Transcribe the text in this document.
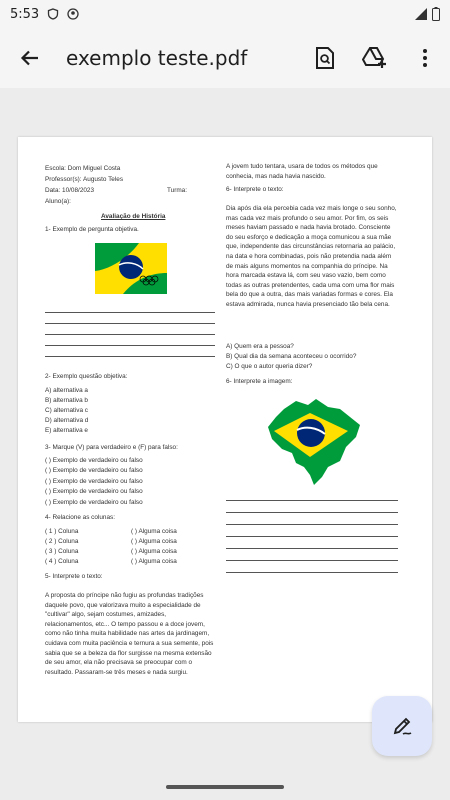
5:53
exemplo teste.pdf
Escola: Dom Miguel Costa
Professor(s): Augusto Teles
Data: 10/08/2023	Turma:
Aluno(a):
Avaliação de História
1- Exemplo de pergunta objetiva.
2- Exemplo questão objetiva:
A) alternativa a
B) alternativa b
C) alternativa c
D) alternativa d
E) alternativa e
3- Marque (V) para verdadeiro e (F) para falso:
( ) Exemplo de verdadeiro ou falso
( ) Exemplo de verdadeiro ou falso
( ) Exemplo de verdadeiro ou falso
( ) Exemplo de verdadeiro ou falso
( ) Exemplo de verdadeiro ou falso
4- Relacione as colunas:
( 1 ) Coluna
( 2 ) Coluna
( 3 ) Coluna
( 4 ) Coluna
( ) Alguma coisa
( ) Alguma coisa
( ) Alguma coisa
( ) Alguma coisa
5- Interprete o texto:
A proposta do príncipe não fugiu as profundas tradições daquele povo, que valorizava muito a especialidade de "cultivar" algo, sejam costumes, amizades, relacionamentos, etc... O tempo passou e a doce jovem, como não tinha muita habilidade nas artes da jardinagem, cuidava com muita paciência e ternura a sua semente, pois sabia que se a beleza da flor surgisse na mesma extensão de seu amor, ela não precisava se preocupar com o resultado. Passaram-se três meses e nada surgiu.
A jovem tudo tentara, usara de todos os métodos que conhecia, mas nada havia nascido.
6- Interprete o texto:
Dia após dia ela percebia cada vez mais longe o seu sonho, mas cada vez mais profundo o seu amor. Por fim, os seis meses haviam passado e nada havia brotado. Consciente do seu esforço e dedicação a moça comunicou a sua mãe que, independente das circunstâncias retornaria ao palácio, na data e hora combinadas, pois não pretendia nada além de mais alguns momentos na companhia do príncipe. Na hora marcada estava lá, com seu vaso vazio, bem como todas as outras pretendentes, cada uma com uma flor mais bela do que a outra, das mais variadas formas e cores. Ela estava admirada, nunca havia presenciado tão bela cena.
A) Quem era a pessoa?
B) Qual dia da semana aconteceu o ocorrido?
C) O que o autor queria dizer?
6- Interprete a imagem:
